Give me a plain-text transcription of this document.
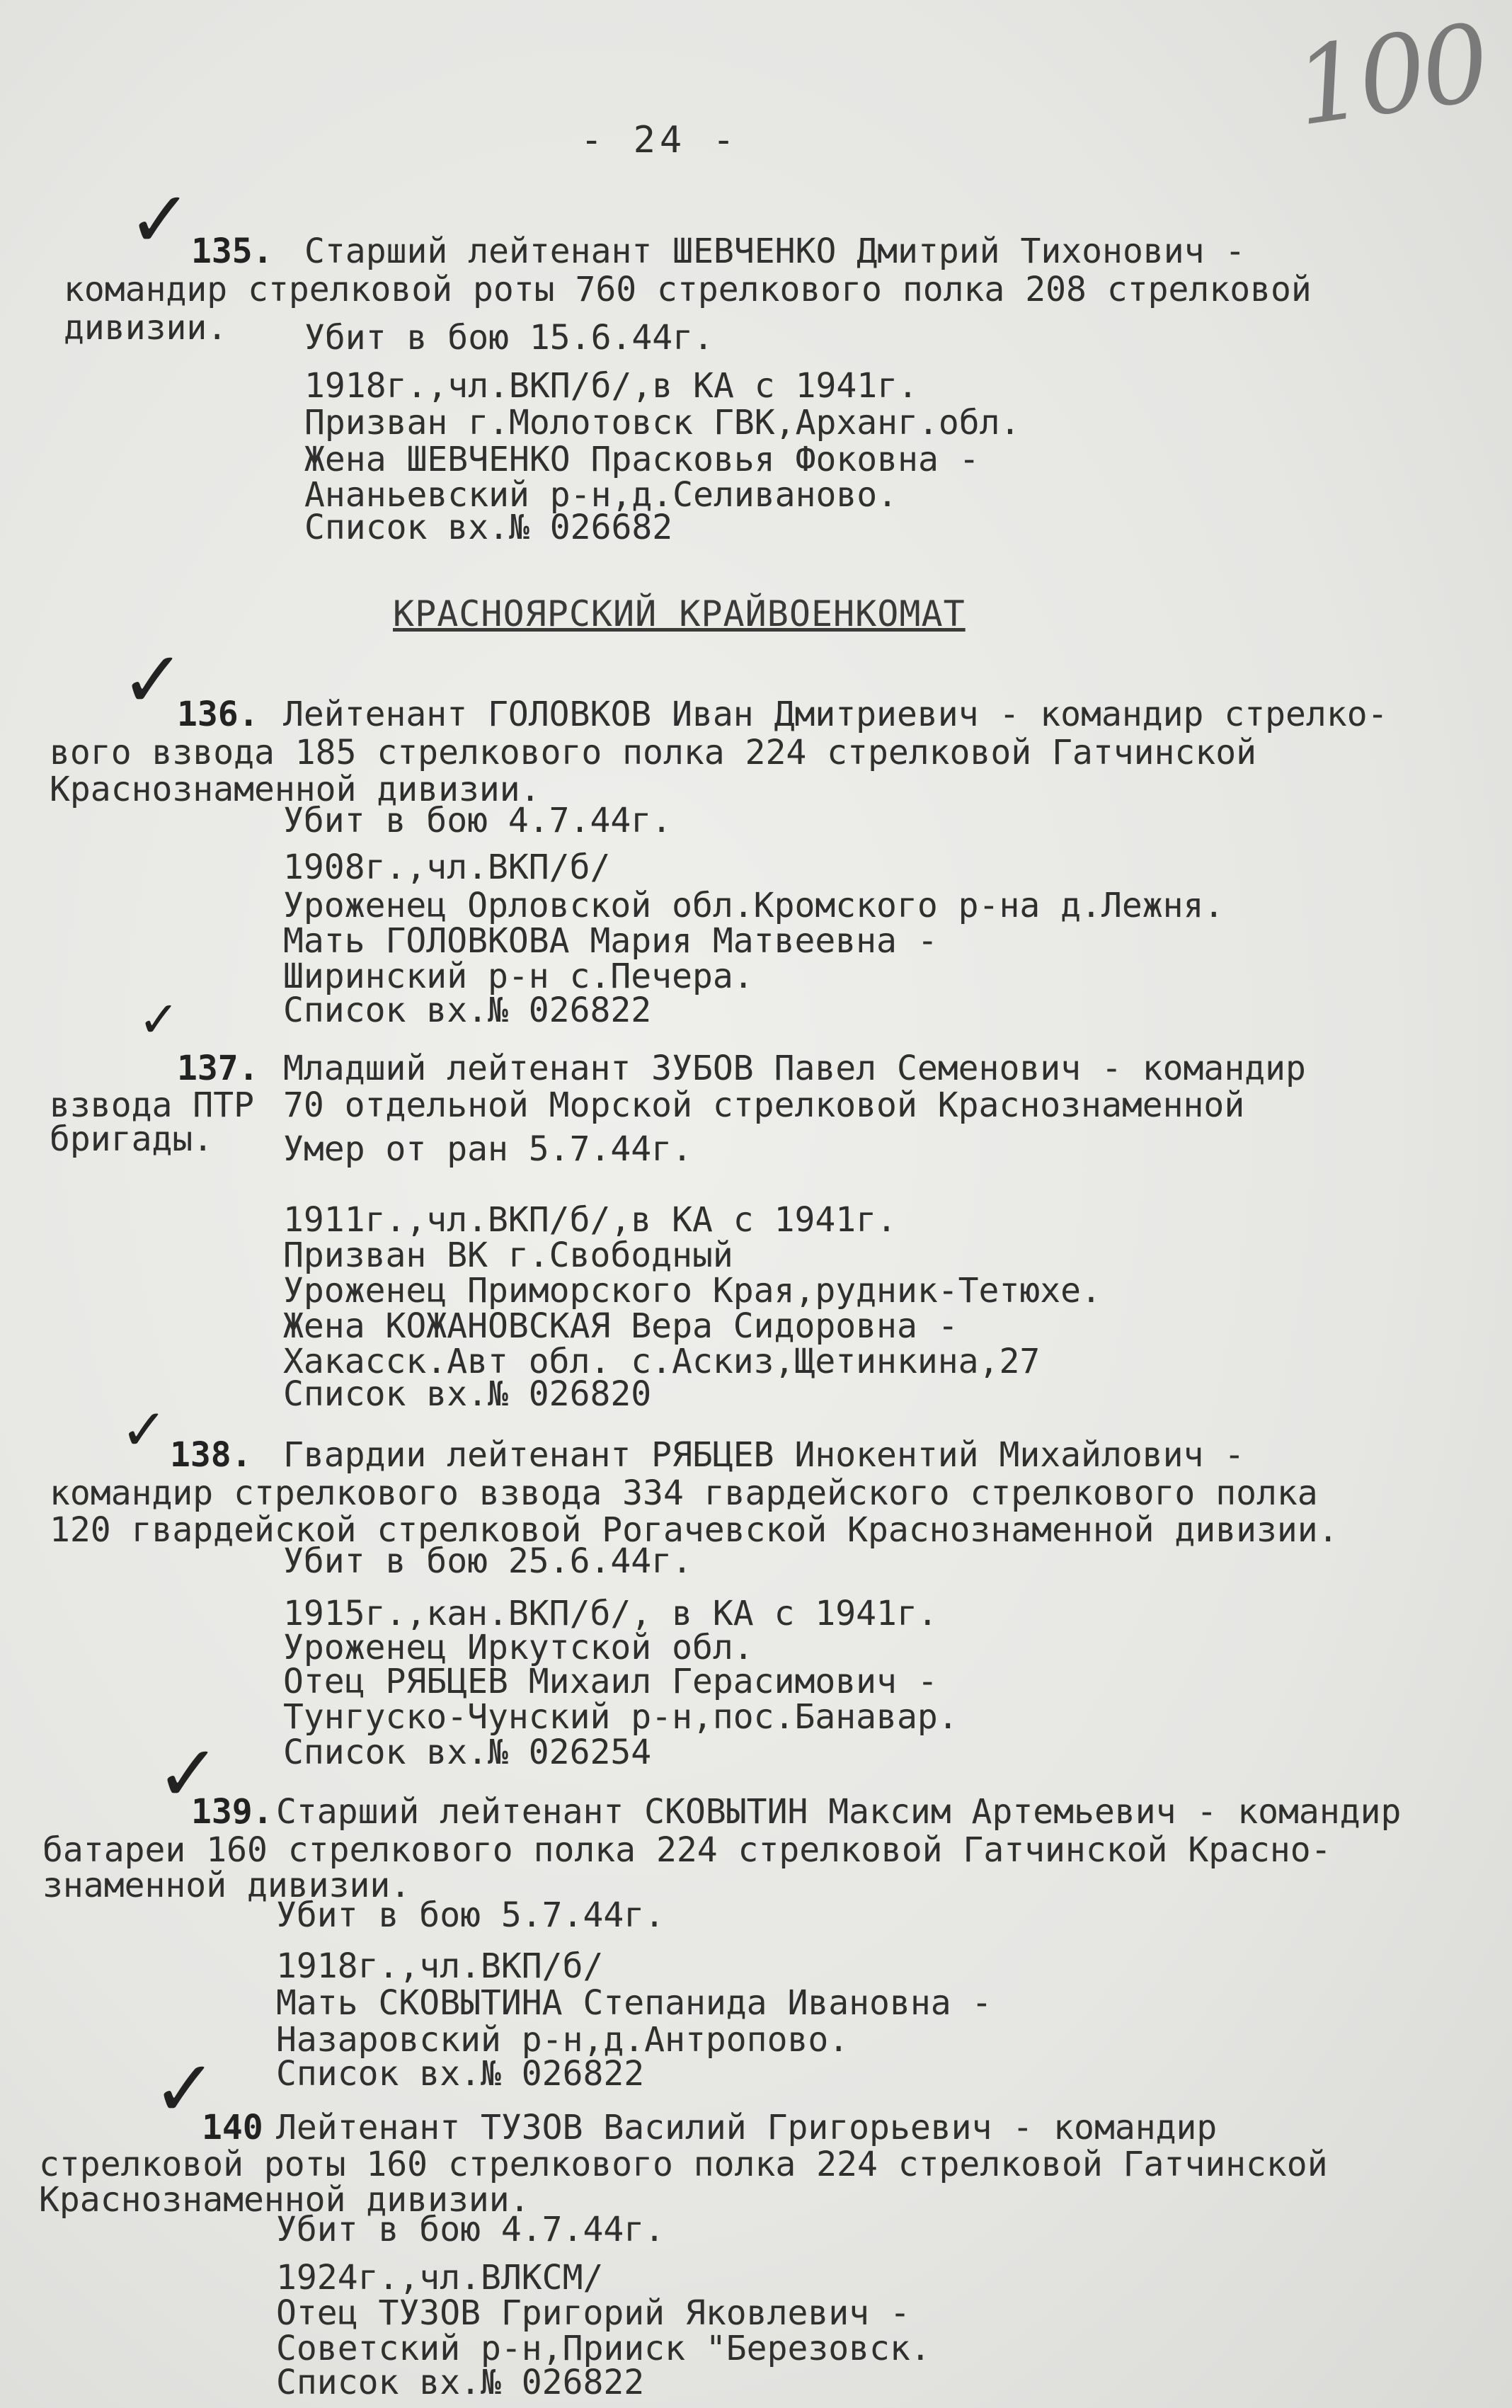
- 24 -	100
✓

135.

Старший лейтенант ШЕВЧЕНКО Дмитрий Тихонович -

командир стрелковой роты 760 стрелкового полка 208 стрелковой

дивизии.

Убит в бою 15.6.44г.

1918г.,чл.ВКП/б/,в КА с 1941г.

Призван г.Молотовск ГВК,Арханг.обл.

Жена ШЕВЧЕНКО Прасковья Фоковна -

Ананьевский р-н,д.Селиваново.

Список вх.№ 026682

КРАСНОЯРСКИЙ КРАЙВОЕНКОМАТ
✓

136.

Лейтенант ГОЛОВКОВ Иван Дмитриевич - командир стрелко-

вого взвода 185 стрелкового полка 224 стрелковой Гатчинской

Краснознаменной дивизии.

Убит в бою 4.7.44г.

1908г.,чл.ВКП/б/

Уроженец Орловской обл.Кромского р-на д.Лежня.

Мать ГОЛОВКОВА Мария Матвеевна -

Ширинский р-н с.Печера.

Список вх.№ 026822

✓

137.

Младший лейтенант ЗУБОВ Павел Семенович - командир

взвода ПТР

70 отдельной Морской стрелковой Краснознаменной

бригады.

Умер от ран 5.7.44г.

1911г.,чл.ВКП/б/,в КА с 1941г.

Призван ВК г.Свободный

Уроженец Приморского Края,рудник-Тетюхе.

Жена КОЖАНОВСКАЯ Вера Сидоровна -

Хакасск.Авт обл. с.Аскиз,Щетинкина,27

Список вх.№ 026820

✓

138.

Гвардии лейтенант РЯБЦЕВ Инокентий Михайлович -

командир стрелкового взвода 334 гвардейского стрелкового полка

120 гвардейской стрелковой Рогачевской Краснознаменной дивизии.

Убит в бою 25.6.44г.

1915г.,кан.ВКП/б/, в КА с 1941г.

Уроженец Иркутской обл.

Отец РЯБЦЕВ Михаил Герасимович -

Тунгуско-Чунский р-н,пос.Банавар.

Список вх.№ 026254

✓

139.

Старший лейтенант СКОВЫТИН Максим Артемьевич - командир

батареи 160 стрелкового полка 224 стрелковой Гатчинской Красно-

знаменной дивизии.

Убит в бою 5.7.44г.

1918г.,чл.ВКП/б/

Мать СКОВЫТИНА Степанида Ивановна -

Назаровский р-н,д.Антропово.

Список вх.№ 026822

✓

140

Лейтенант ТУЗОВ Василий Григорьевич - командир

стрелковой роты 160 стрелкового полка 224 стрелковой Гатчинской

Краснознаменной дивизии.

Убит в бою 4.7.44г.

1924г.,чл.ВЛКСМ/

Отец ТУЗОВ Григорий Яковлевич -

Советский р-н,Прииск "Березовск.

Список вх.№ 026822
